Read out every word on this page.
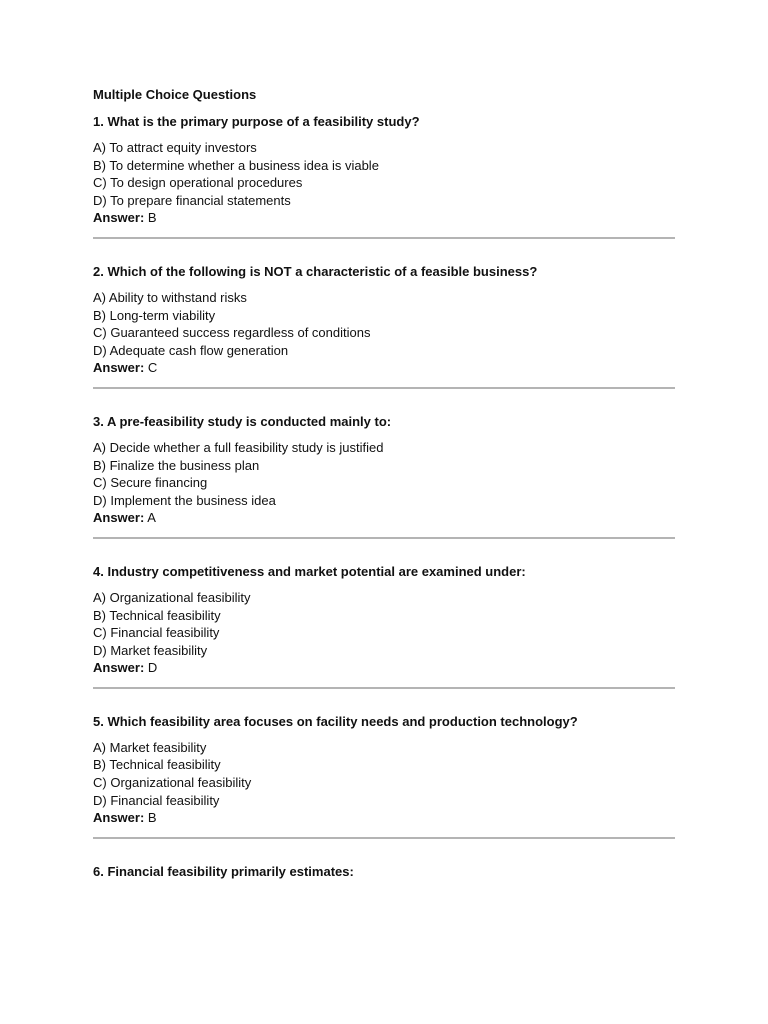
Multiple Choice Questions
1. What is the primary purpose of a feasibility study?
A) To attract equity investors
B) To determine whether a business idea is viable
C) To design operational procedures
D) To prepare financial statements
Answer: B
2. Which of the following is NOT a characteristic of a feasible business?
A) Ability to withstand risks
B) Long-term viability
C) Guaranteed success regardless of conditions
D) Adequate cash flow generation
Answer: C
3. A pre-feasibility study is conducted mainly to:
A) Decide whether a full feasibility study is justified
B) Finalize the business plan
C) Secure financing
D) Implement the business idea
Answer: A
4. Industry competitiveness and market potential are examined under:
A) Organizational feasibility
B) Technical feasibility
C) Financial feasibility
D) Market feasibility
Answer: D
5. Which feasibility area focuses on facility needs and production technology?
A) Market feasibility
B) Technical feasibility
C) Organizational feasibility
D) Financial feasibility
Answer: B
6. Financial feasibility primarily estimates:
